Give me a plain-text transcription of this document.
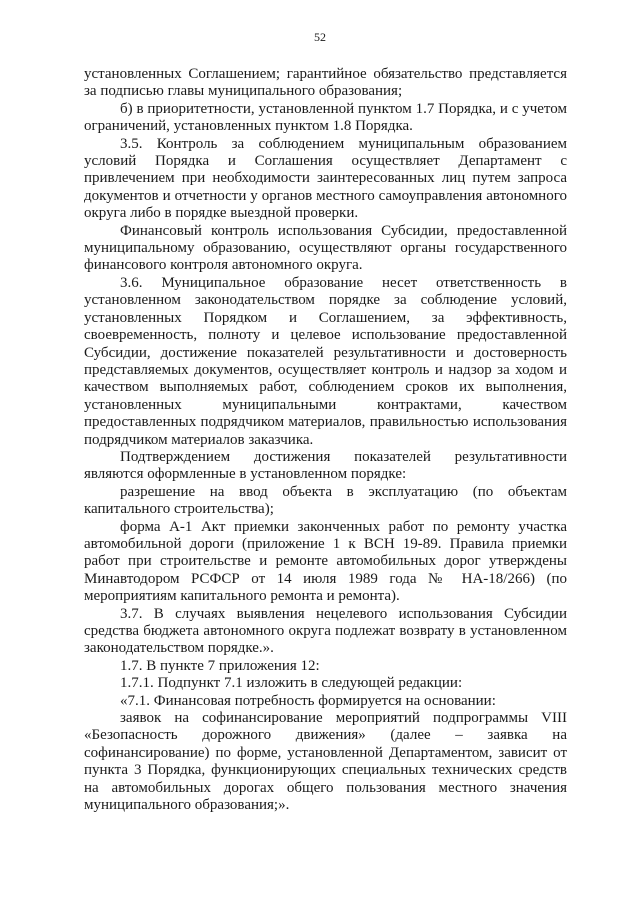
52

установленных Соглашением; гарантийное обязательство представляется за подписью главы муниципального образования;

б) в приоритетности, установленной пунктом 1.7 Порядка, и с учетом ограничений, установленных пунктом 1.8 Порядка.

3.5. Контроль за соблюдением муниципальным образованием условий Порядка и Соглашения осуществляет Департамент с привлечением при необходимости заинтересованных лиц путем запроса документов и отчетности у органов местного самоуправления автономного округа либо в порядке выездной проверки.

Финансовый контроль использования Субсидии, предоставленной муниципальному образованию, осуществляют органы государственного финансового контроля автономного округа.

3.6. Муниципальное образование несет ответственность в установленном законодательством порядке за соблюдение условий, установленных Порядком и Соглашением, за эффективность, своевременность, полноту и целевое использование предоставленной Субсидии, достижение показателей результативности и достоверность представляемых документов, осуществляет контроль и надзор за ходом и качеством выполняемых работ, соблюдением сроков их выполнения, установленных муниципальными контрактами, качеством предоставленных подрядчиком материалов, правильностью использования подрядчиком материалов заказчика.

Подтверждением достижения показателей результативности являются оформленные в установленном порядке:

разрешение на ввод объекта в эксплуатацию (по объектам капитального строительства);

форма А-1 Акт приемки законченных работ по ремонту участка автомобильной дороги (приложение 1 к ВСН 19-89. Правила приемки работ при строительстве и ремонте автомобильных дорог утверждены Минавтодором РСФСР от 14 июля 1989 года № НА-18/266) (по мероприятиям капитального ремонта и ремонта).

3.7. В случаях выявления нецелевого использования Субсидии средства бюджета автономного округа подлежат возврату в установленном законодательством порядке.».

1.7. В пункте 7 приложения 12:

1.7.1. Подпункт 7.1 изложить в следующей редакции:

«7.1. Финансовая потребность формируется на основании:

заявок на софинансирование мероприятий подпрограммы VIII «Безопасность дорожного движения» (далее – заявка на софинансирование) по форме, установленной Департаментом, зависит от пункта 3 Порядка, функционирующих специальных технических средств на автомобильных дорогах общего пользования местного значения муниципального образования;».
